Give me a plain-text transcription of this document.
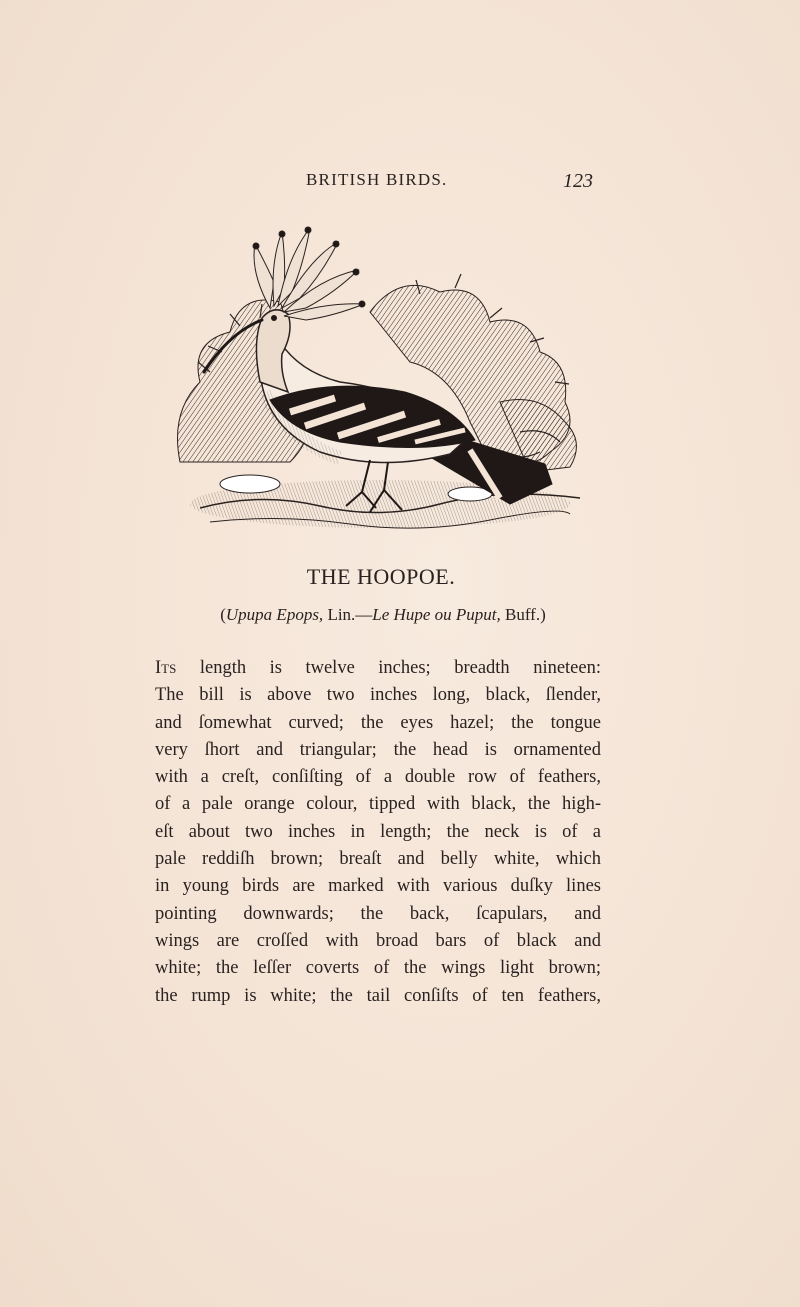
BRITISH BIRDS.	123
THE HOOPOE.
(Upupa Epops, Lin.—Le Hupe ou Puput, Buff.)
Its length is twelve inches; breadth nineteen:
The bill is above two inches long, black, ſlender,
and ſomewhat curved; the eyes hazel; the tongue
very ſhort and triangular; the head is ornamented
with a creſt, conſiſting of a double row of feathers,
of a pale orange colour, tipped with black, the high-
eſt about two inches in length; the neck is of a
pale reddiſh brown; breaſt and belly white, which
in young birds are marked with various duſky lines
pointing downwards; the back, ſcapulars, and
wings are croſſed with broad bars of black and
white; the leſſer coverts of the wings light brown;
the rump is white; the tail conſiſts of ten feathers,
